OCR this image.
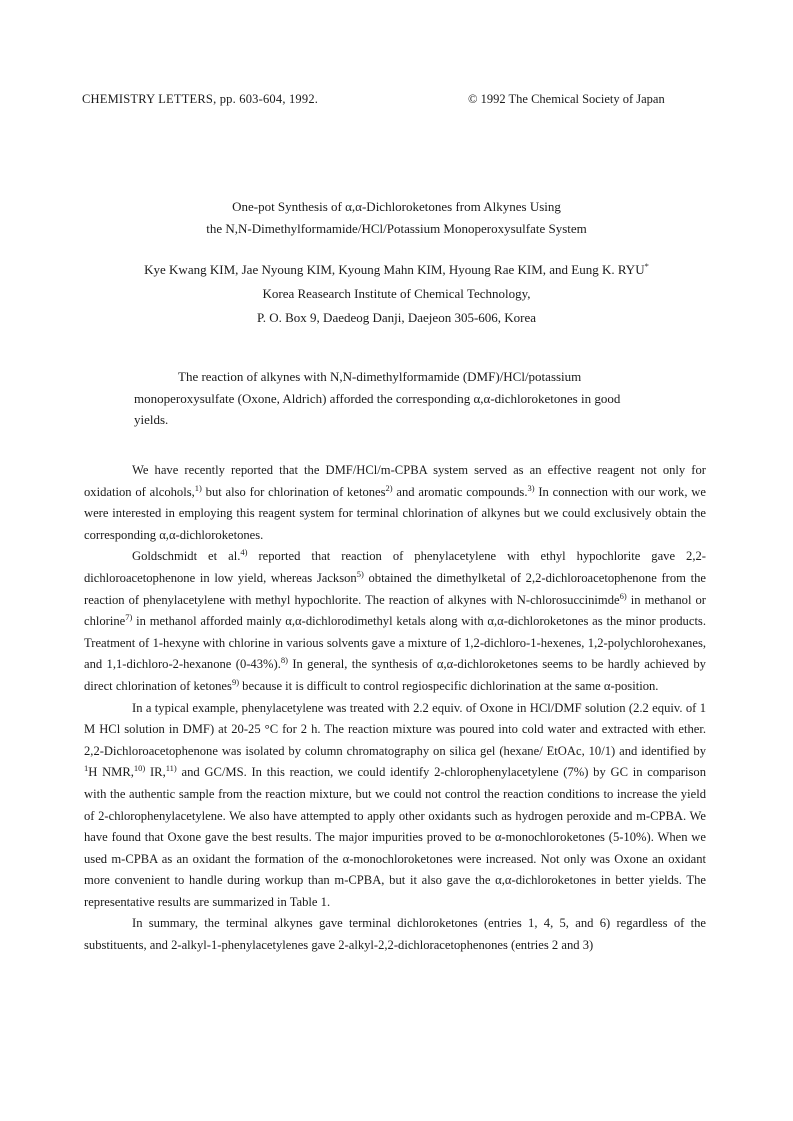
CHEMISTRY LETTERS, pp. 603-604, 1992.	© 1992 The Chemical Society of Japan
One-pot Synthesis of α,α-Dichloroketones from Alkynes Using
the N,N-Dimethylformamide/HCl/Potassium Monoperoxysulfate System
Kye Kwang KIM, Jae Nyoung KIM, Kyoung Mahn KIM, Hyoung Rae KIM, and Eung K. RYU*
Korea Reasearch Institute of Chemical Technology,
P. O. Box 9, Daedeog Danji, Daejeon 305-606, Korea
The reaction of alkynes with N,N-dimethylformamide (DMF)/HCl/potassium
monoperoxysulfate (Oxone, Aldrich) afforded the corresponding α,α-dichloroketones in good yields.

We have recently reported that the DMF/HCl/m-CPBA system served as an effective reagent not only for oxidation of alcohols,$^{1)}$ but also for chlorination of ketones$^{2)}$ and aromatic compounds.$^{3)}$ In connection with our work, we were interested in employing this reagent system for terminal chlorination of alkynes but we could exclusively obtain the corresponding α,α-dichloroketones.

Goldschmidt et al.$^{4)}$ reported that reaction of phenylacetylene with ethyl hypochlorite gave 2,2-dichloroacetophenone in low yield, whereas Jackson$^{5)}$ obtained the dimethylketal of 2,2-dichloroacetophenone from the reaction of phenylacetylene with methyl hypochlorite. The reaction of alkynes with N-chlorosuccinimde$^{6)}$ in methanol or chlorine$^{7)}$ in methanol afforded mainly α,α-dichlorodimethyl ketals along with α,α-dichloroketones as the minor products. Treatment of 1-hexyne with chlorine in various solvents gave a mixture of 1,2-dichloro-1-hexenes, 1,2-polychlorohexanes, and 1,1-dichloro-2-hexanone (0-43%).$^{8)}$ In general, the synthesis of α,α-dichloroketones seems to be hardly achieved by direct chlorination of ketones$^{9)}$ because it is difficult to control regiospecific dichlorination at the same α-position.

In a typical example, phenylacetylene was treated with 2.2 equiv. of Oxone in HCl/DMF solution (2.2 equiv. of 1 M HCl solution in DMF) at 20-25 °C for 2 h. The reaction mixture was poured into cold water and extracted with ether. 2,2-Dichloroacetophenone was isolated by column chromatography on silica gel (hexane/ EtOAc, 10/1) and identified by $^1$H NMR,$^{10)}$ IR,$^{11)}$ and GC/MS. In this reaction, we could identify 2-chlorophenylacetylene (7%) by GC in comparison with the authentic sample from the reaction mixture, but we could not control the reaction conditions to increase the yield of 2-chlorophenylacetylene. We also have attempted to apply other oxidants such as hydrogen peroxide and m-CPBA. We have found that Oxone gave the best results. The major impurities proved to be α-monochloroketones (5-10%). When we used m-CPBA as an oxidant the formation of the α-monochloroketones were increased. Not only was Oxone an oxidant more convenient to handle during workup than m-CPBA, but it also gave the α,α-dichloroketones in better yields. The representative results are summarized in Table 1.

In summary, the terminal alkynes gave terminal dichloroketones (entries 1, 4, 5, and 6) regardless of the substituents, and 2-alkyl-1-phenylacetylenes gave 2-alkyl-2,2-dichloracetophenones (entries 2 and 3)
